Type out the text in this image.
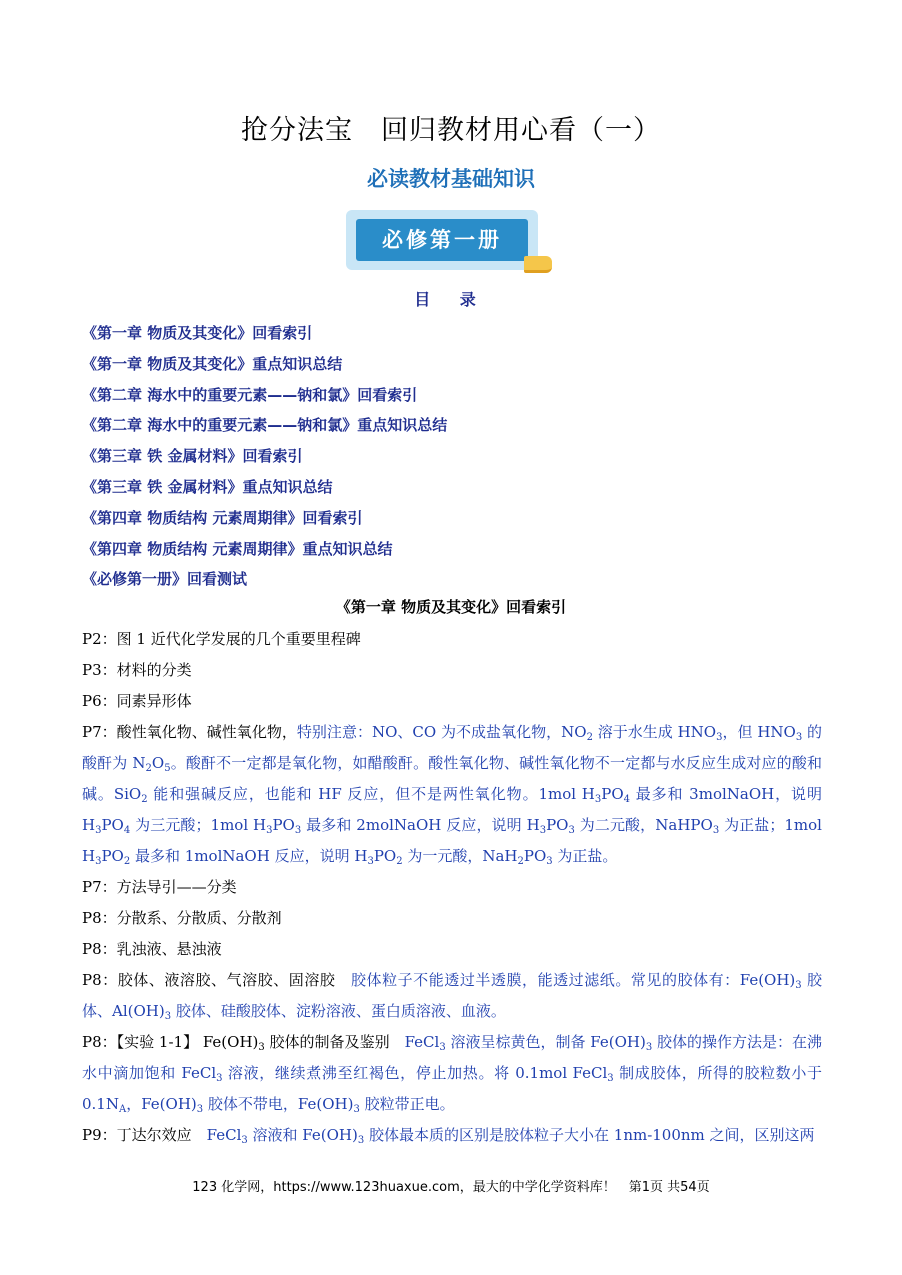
抢分法宝　回归教材用心看（一）
必读教材基础知识
必修第一册
目 录
《第一章 物质及其变化》回看索引
《第一章 物质及其变化》重点知识总结
《第二章 海水中的重要元素——钠和氯》回看索引
《第二章 海水中的重要元素——钠和氯》重点知识总结
《第三章 铁 金属材料》回看索引
《第三章 铁 金属材料》重点知识总结
《第四章 物质结构 元素周期律》回看索引
《第四章 物质结构 元素周期律》重点知识总结
《必修第一册》回看测试
《第一章 物质及其变化》回看索引

P2：图 1 近代化学发展的几个重要里程碑

P3：材料的分类

P6：同素异形体

P7：酸性氧化物、碱性氧化物，特别注意：NO、CO 为不成盐氧化物，$NO_2$ 溶于水生成 $HNO_3$，但 $HNO_3$ 的酸酐为 $N_2O_5$。酸酐不一定都是氧化物，如醋酸酐。酸性氧化物、碱性氧化物不一定都与水反应生成对应的酸和碱。SiO$_2$ 能和强碱反应，也能和 HF 反应，但不是两性氧化物。1mol $H_3PO_4$ 最多和 3molNaOH，说明 $H_3PO_4$ 为三元酸；1mol $H_3PO_3$ 最多和 2molNaOH 反应，说明 $H_3PO_3$ 为二元酸，NaHPO$_3$ 为正盐；1mol $H_3PO_2$ 最多和 1molNaOH 反应，说明 $H_3PO_2$ 为一元酸，$NaH_2PO_3$ 为正盐。

P7：方法导引——分类

P8：分散系、分散质、分散剂

P8：乳浊液、悬浊液

P8：胶体、液溶胶、气溶胶、固溶胶　胶体粒子不能透过半透膜，能透过滤纸。常见的胶体有：$Fe(OH)_3$ 胶体、$Al(OH)_3$ 胶体、硅酸胶体、淀粉溶液、蛋白质溶液、血液。

P8：【实验 1-1】 $Fe(OH)_3$ 胶体的制备及鉴别　FeCl$_3$ 溶液呈棕黄色，制备 $Fe(OH)_3$ 胶体的操作方法是：在沸水中滴加饱和 FeCl$_3$ 溶液，继续煮沸至红褐色，停止加热。将 0.1mol FeCl$_3$ 制成胶体，所得的胶粒数小于 $0.1N_A$，$Fe(OH)_3$ 胶体不带电，$Fe(OH)_3$ 胶粒带正电。

P9：丁达尔效应　FeCl$_3$ 溶液和 $Fe(OH)_3$ 胶体最本质的区别是胶体粒子大小在 1nm-100nm 之间，区别这两

123 化学网，https://www.123huaxue.com，最大的中学化学资料库！　第1页 共54页
